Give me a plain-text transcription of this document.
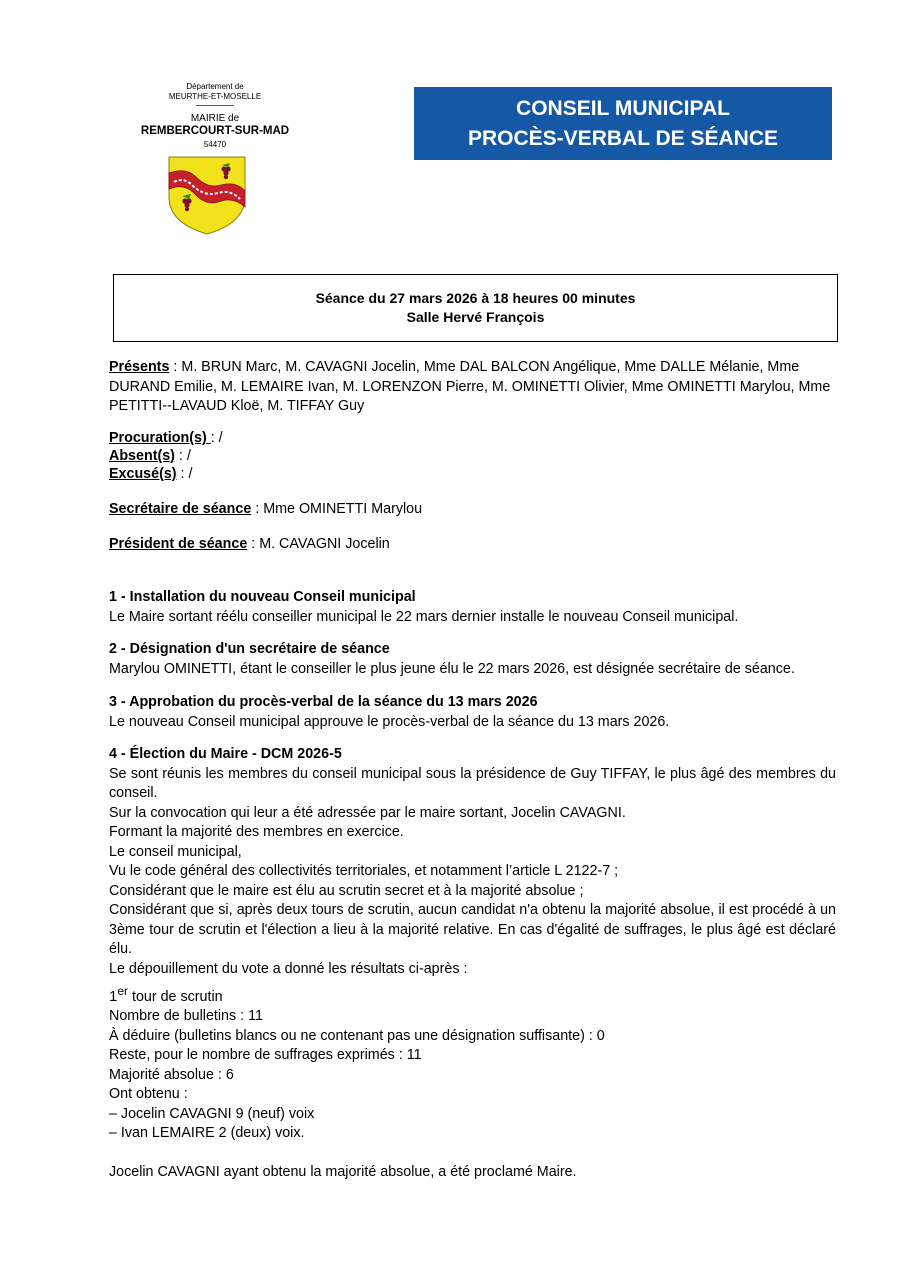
Département de
MEURTHE-ET-MOSELLE
MAIRIE de
REMBERCOURT-SUR-MAD
54470
CONSEIL MUNICIPAL
PROCÈS-VERBAL DE SÉANCE
Séance du 27 mars 2026 à 18 heures 00 minutes
Salle Hervé François
Présents : M. BRUN Marc, M. CAVAGNI Jocelin, Mme DAL BALCON Angélique, Mme DALLE Mélanie, Mme DURAND Emilie, M. LEMAIRE Ivan, M. LORENZON Pierre, M. OMINETTI Olivier, Mme OMINETTI Marylou, Mme PETITTI--LAVAUD Kloë, M. TIFFAY Guy
Procuration(s) : /
Absent(s) : /
Excusé(s) : /
Secrétaire de séance : Mme OMINETTI Marylou
Président de séance : M. CAVAGNI Jocelin
1 - Installation du nouveau Conseil municipal
Le Maire sortant réélu conseiller municipal le 22 mars dernier installe le nouveau Conseil municipal.
2 - Désignation d'un secrétaire de séance
Marylou OMINETTI, étant le conseiller le plus jeune élu le 22 mars 2026, est désignée secrétaire de séance.
3 - Approbation du procès-verbal de la séance du 13 mars 2026
Le nouveau Conseil municipal approuve le procès-verbal de la séance du 13 mars 2026.
4 - Élection du Maire - DCM 2026-5
Se sont réunis les membres du conseil municipal sous la présidence de Guy TIFFAY, le plus âgé des membres du conseil.
Sur la convocation qui leur a été adressée par le maire sortant, Jocelin CAVAGNI.
Formant la majorité des membres en exercice.
Le conseil municipal,
Vu le code général des collectivités territoriales, et notamment l’article L 2122-7 ;
Considérant que le maire est élu au scrutin secret et à la majorité absolue ;
Considérant que si, après deux tours de scrutin, aucun candidat n'a obtenu la majorité absolue, il est procédé à un 3ème tour de scrutin et l'élection a lieu à la majorité relative. En cas d'égalité de suffrages, le plus âgé est déclaré élu.
Le dépouillement du vote a donné les résultats ci-après :
1er tour de scrutin
Nombre de bulletins : 11
À déduire (bulletins blancs ou ne contenant pas une désignation suffisante) : 0
Reste, pour le nombre de suffrages exprimés : 11
Majorité absolue : 6
Ont obtenu :
– Jocelin CAVAGNI 9 (neuf) voix
– Ivan LEMAIRE 2 (deux) voix.
Jocelin CAVAGNI ayant obtenu la majorité absolue, a été proclamé Maire.
